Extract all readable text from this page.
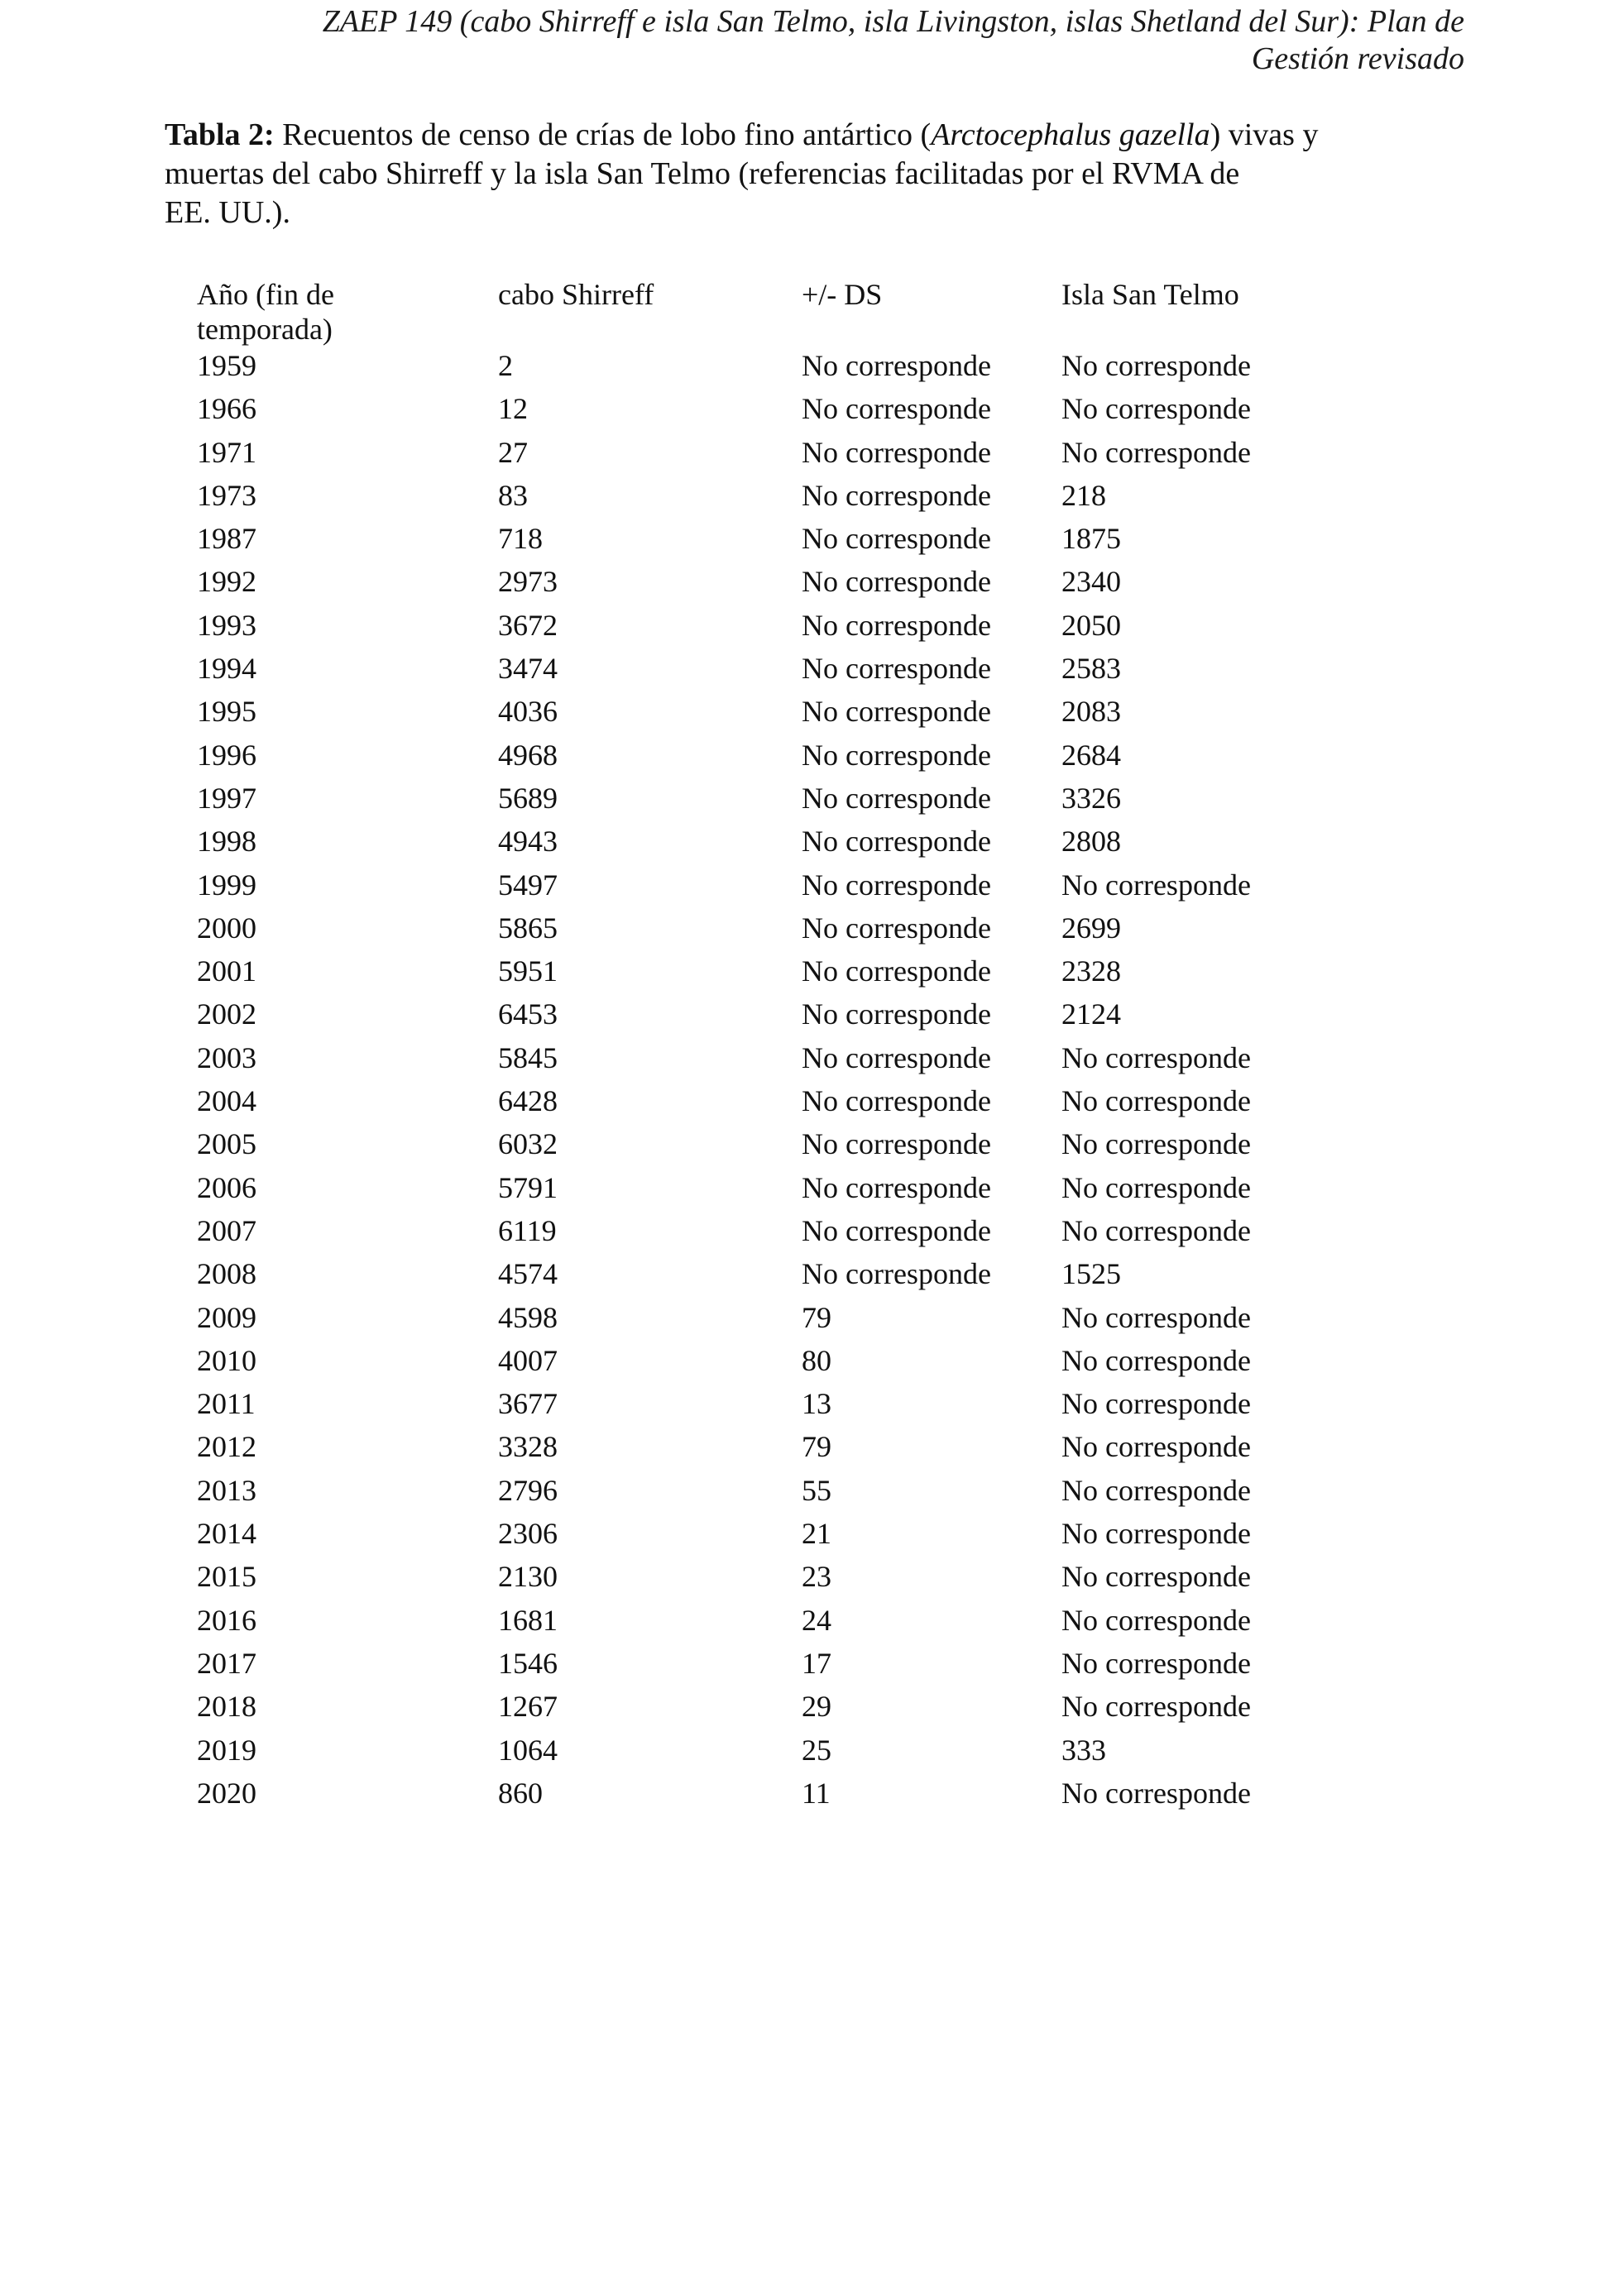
ZAEP 149 (cabo Shirreff e isla San Telmo, isla Livingston, islas Shetland del Sur): Plan de
Gestión revisado
Tabla 2: Recuentos de censo de crías de lobo fino antártico (Arctocephalus gazella) vivas y
muertas del cabo Shirreff y la isla San Telmo (referencias facilitadas por el RVMA de
EE. UU.).
Año (fin de temporada)
cabo Shirreff	+/- DS	Isla San Telmo
1959	2	No corresponde No corresponde
1966	12	No corresponde No corresponde
1971	27	No corresponde No corresponde
1973	83	No corresponde 218
1987	718	No corresponde 1875
1992	2973	No corresponde 2340
1993	3672	No corresponde 2050
1994	3474	No corresponde 2583
1995	4036	No corresponde 2083
1996	4968	No corresponde 2684
1997	5689	No corresponde 3326
1998	4943	No corresponde 2808
1999	5497	No corresponde No corresponde
2000	5865	No corresponde 2699
2001	5951	No corresponde 2328
2002	6453	No corresponde 2124
2003	5845	No corresponde No corresponde
2004	6428	No corresponde No corresponde
2005	6032	No corresponde No corresponde
2006	5791	No corresponde No corresponde
2007	6119	No corresponde No corresponde
2008	4574	No corresponde 1525
2009	4598	79	No corresponde
2010	4007	80	No corresponde
2011	3677	13	No corresponde
2012	3328	79	No corresponde
2013	2796	55	No corresponde
2014	2306	21	No corresponde
2015	2130	23	No corresponde
2016	1681	24	No corresponde
2017	1546	17	No corresponde
2018	1267	29	No corresponde
2019	1064	25	333
2020	860	11	No corresponde
